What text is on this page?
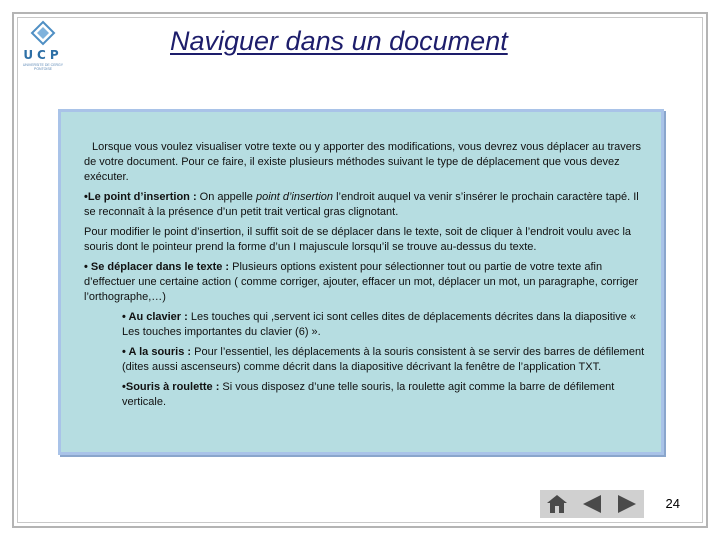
UCP
UNIVERSITE DE CERGY PONTOISE
Naviguer dans un document

Lorsque vous voulez visualiser votre texte ou y apporter des modifications, vous devrez vous déplacer au travers de votre document. Pour ce faire, il existe plusieurs méthodes suivant le type de déplacement que vous devez exécuter.

•Le point d’insertion : On appelle point d’insertion l’endroit auquel va venir s’insérer le prochain caractère tapé. Il se reconnaît à la présence d’un petit trait vertical gras clignotant.

Pour modifier le point d’insertion, il suffit soit de se déplacer dans le texte, soit de cliquer à l’endroit voulu avec la souris dont le pointeur prend la forme d’un I majuscule lorsqu’il se trouve au-dessus du texte.

• Se déplacer dans le texte : Plusieurs options existent pour sélectionner tout ou partie de votre texte afin d’effectuer une certaine action ( comme corriger, ajouter, effacer un mot, déplacer un mot, un paragraphe, corriger l’orthographe,…)

• Au clavier : Les touches qui ,servent ici sont celles dites de déplacements décrites dans la diapositive « Les touches importantes du clavier (6) ».

• A la souris : Pour l’essentiel, les déplacements à la souris consistent à se servir des barres de défilement (dites aussi ascenseurs) comme décrit dans la diapositive décrivant la fenêtre de l’application TXT.

•Souris à roulette : Si vous disposez d’une telle souris, la roulette agit comme la barre de défilement verticale.

24
